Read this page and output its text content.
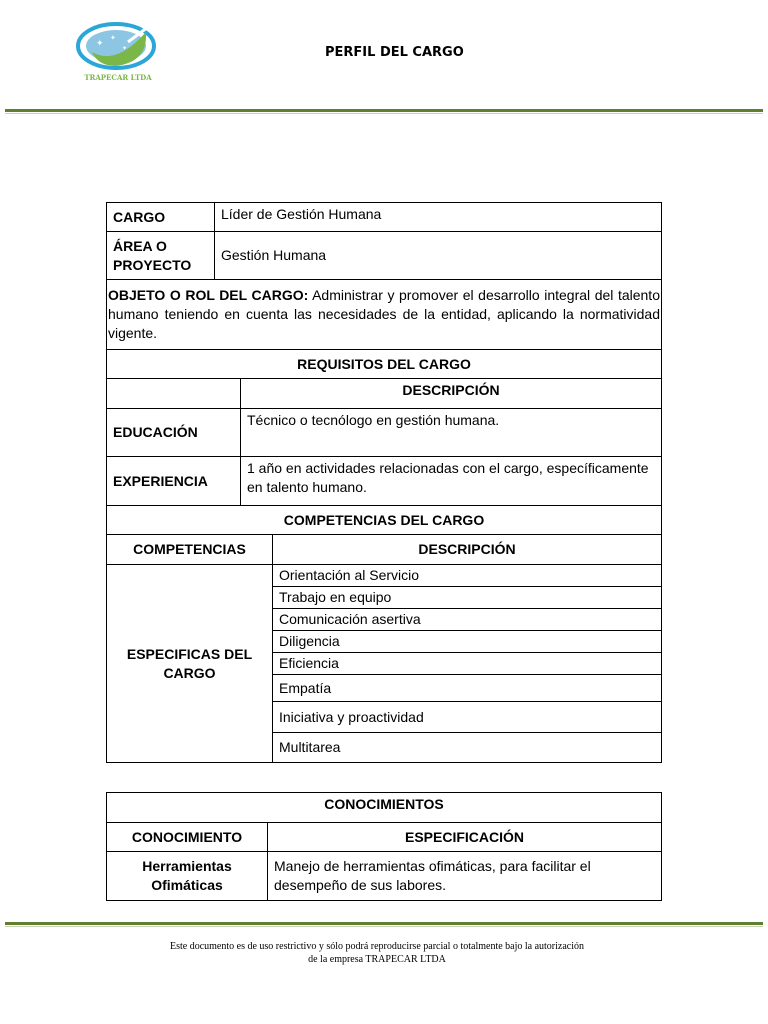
✦
✦
✦
TRAPECAR LTDA
PERFIL DEL CARGO
CARGO	Líder de Gestión Humana		
ÁREA O
PROYECTO	Gestión Humana		
OBJETO O ROL DEL CARGO: Administrar y promover el desarrollo integral del talento humano teniendo en cuenta las necesidades de la entidad, aplicando la normatividad vigente.			
REQUISITOS DEL CARGO			
		DESCRIPCIÓN	
EDUCACIÓN		Técnico o tecnólogo en gestión humana.	
EXPERIENCIA		1 año en actividades relacionadas con el cargo, específicamente en talento humano.	
COMPETENCIAS DEL CARGO			
COMPETENCIAS			DESCRIPCIÓN
ESPECIFICAS DEL
CARGO			Orientación al Servicio
			Trabajo en equipo
			Comunicación asertiva
			Diligencia
			Eficiencia
			Empatía
			Iniciativa y proactividad
			Multitarea
CONOCIMIENTOS	
CONOCIMIENTO	ESPECIFICACIÓN
Herramientas
Ofimáticas	Manejo de herramientas ofimáticas, para facilitar el desempeño de sus labores.
Este documento es de uso restrictivo y sólo podrá reproducirse parcial o totalmente bajo la autorización
de la empresa TRAPECAR LTDA
